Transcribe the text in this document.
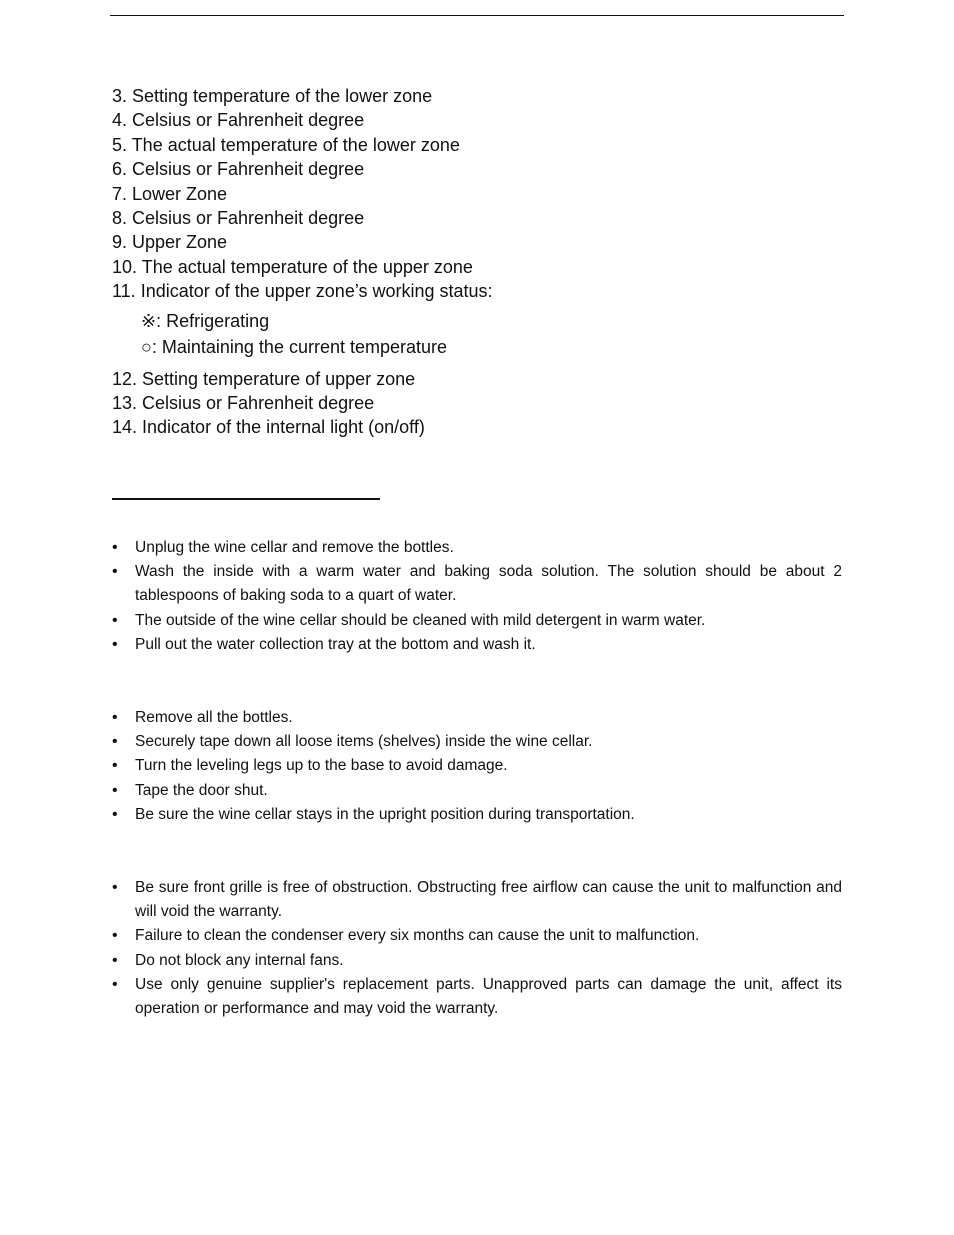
3. Setting temperature of the lower zone
4. Celsius or Fahrenheit degree
5. The actual temperature of the lower zone
6. Celsius or Fahrenheit degree
7. Lower Zone
8. Celsius or Fahrenheit degree
9. Upper Zone
10. The actual temperature of the upper zone
11. Indicator of the upper zone’s working status:
※: Refrigerating
○: Maintaining the current temperature
12. Setting temperature of upper zone
13. Celsius or Fahrenheit degree
14. Indicator of the internal light (on/off)
• Unplug the wine cellar and remove the bottles.
• Wash the inside with a warm water and baking soda solution. The solution should be about 2 tablespoons of baking soda to a quart of water.
• The outside of the wine cellar should be cleaned with mild detergent in warm water.
• Pull out the water collection tray at the bottom and wash it.
• Remove all the bottles.
• Securely tape down all loose items (shelves) inside the wine cellar.
• Turn the leveling legs up to the base to avoid damage.
• Tape the door shut.
• Be sure the wine cellar stays in the upright position during transportation.
• Be sure front grille is free of obstruction. Obstructing free airflow can cause the unit to malfunction and will void the warranty.
• Failure to clean the condenser every six months can cause the unit to malfunction.
• Do not block any internal fans.
• Use only genuine supplier's replacement parts. Unapproved parts can damage the unit, affect its operation or performance and may void the warranty.
